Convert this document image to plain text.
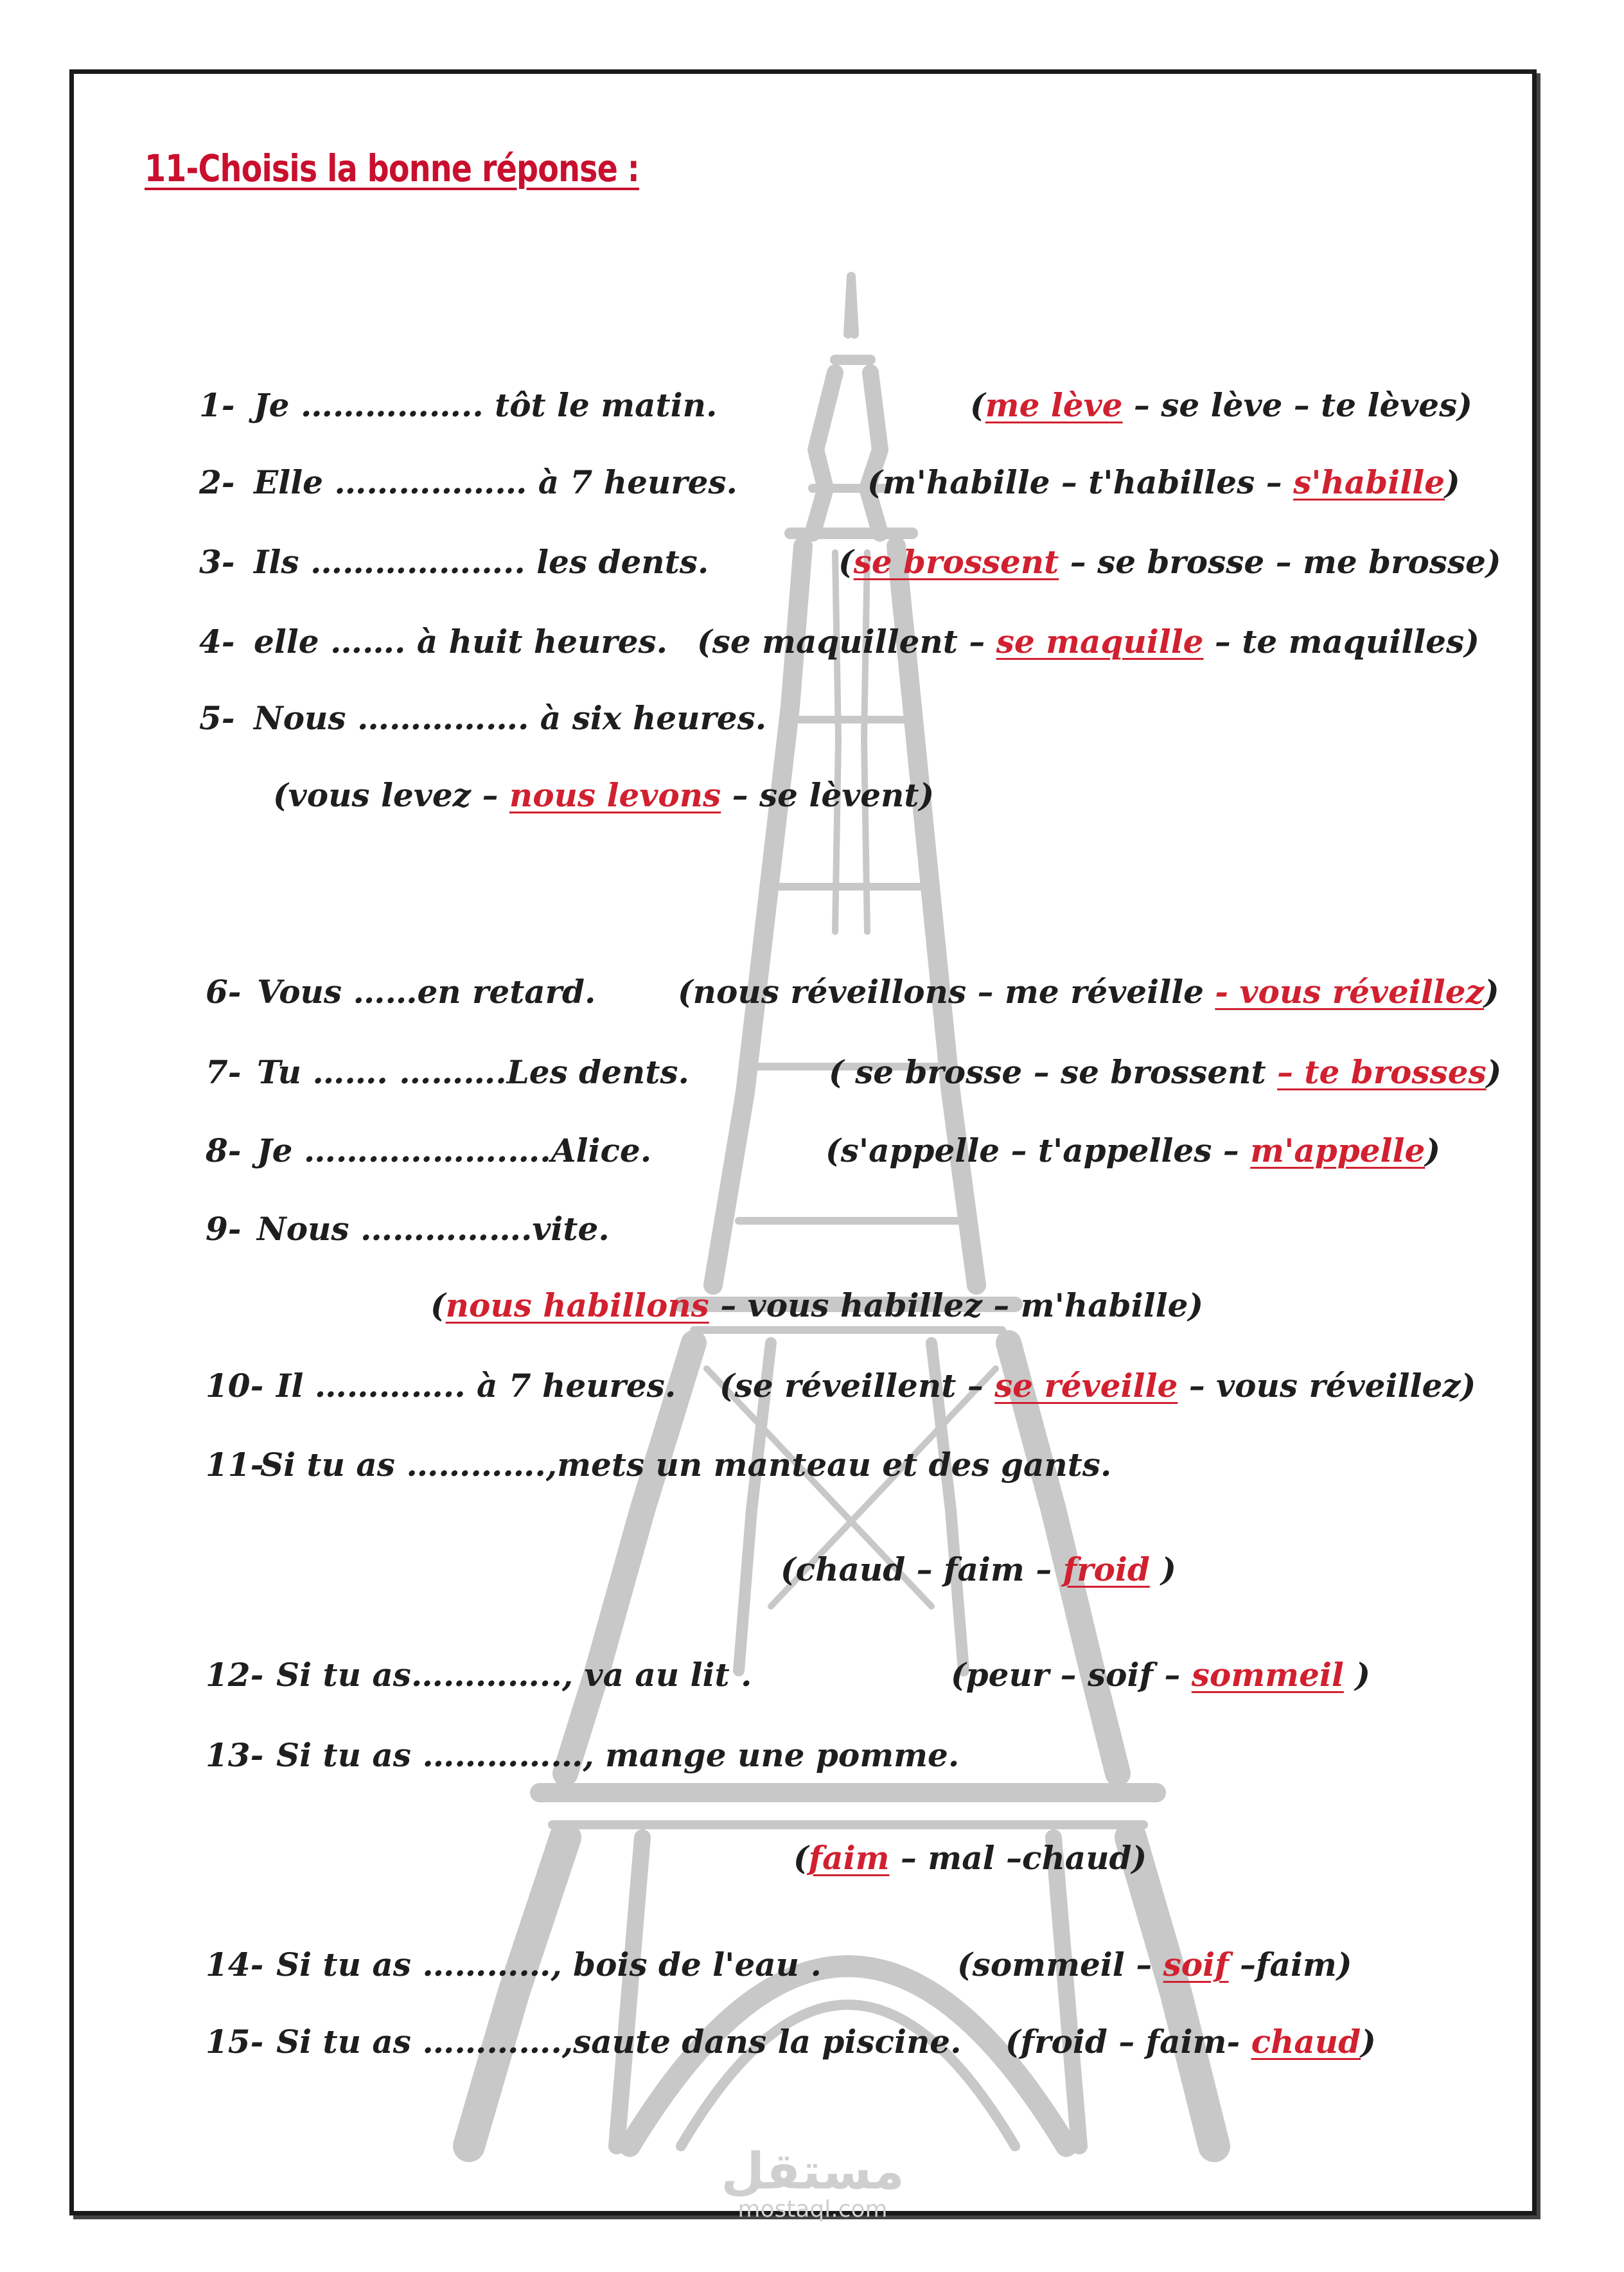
11-Choisis la bonne réponse :
1- Je …………….. tôt le matin.	(me lève – se lève – te lèves)
2- Elle ……………… à 7 heures.	(m'habille – t'habilles – s'habille)
3- Ils ……………….. les dents.	(se brossent – se brosse – me brosse)
4- elle ……. à huit heures. (se maquillent – se maquille – te maquilles)
5- Nous ……………. à six heures.
(vous levez – nous levons – se lèvent)
6- Vous ……en retard.	(nous réveillons – me réveille - vous réveillez)
7- Tu ……. ……….Les dents.	( se brosse – se brossent – te brosses)
8- Je ……………….….Alice.	(s'appelle – t'appelles – m'appelle)
9- Nous …………….vite.
(nous habillons – vous habillez – m'habille)
10- Il ………….. à 7 heures. (se réveillent – se réveille – vous réveillez)
11-
Si tu as ………….,mets un manteau et des gants.
(chaud – faim – froid )
12- Si tu as………….., va au lit .	(peur – soif – sommeil )
13- Si tu as ……………, mange une pomme.
(faim – mal –chaud)
14- Si tu as …………, bois de l'eau .	(sommeil – soif –faim)
15- Si tu as ………….,saute dans la piscine. (froid – faim- chaud)
مستقل
mostaql.com
